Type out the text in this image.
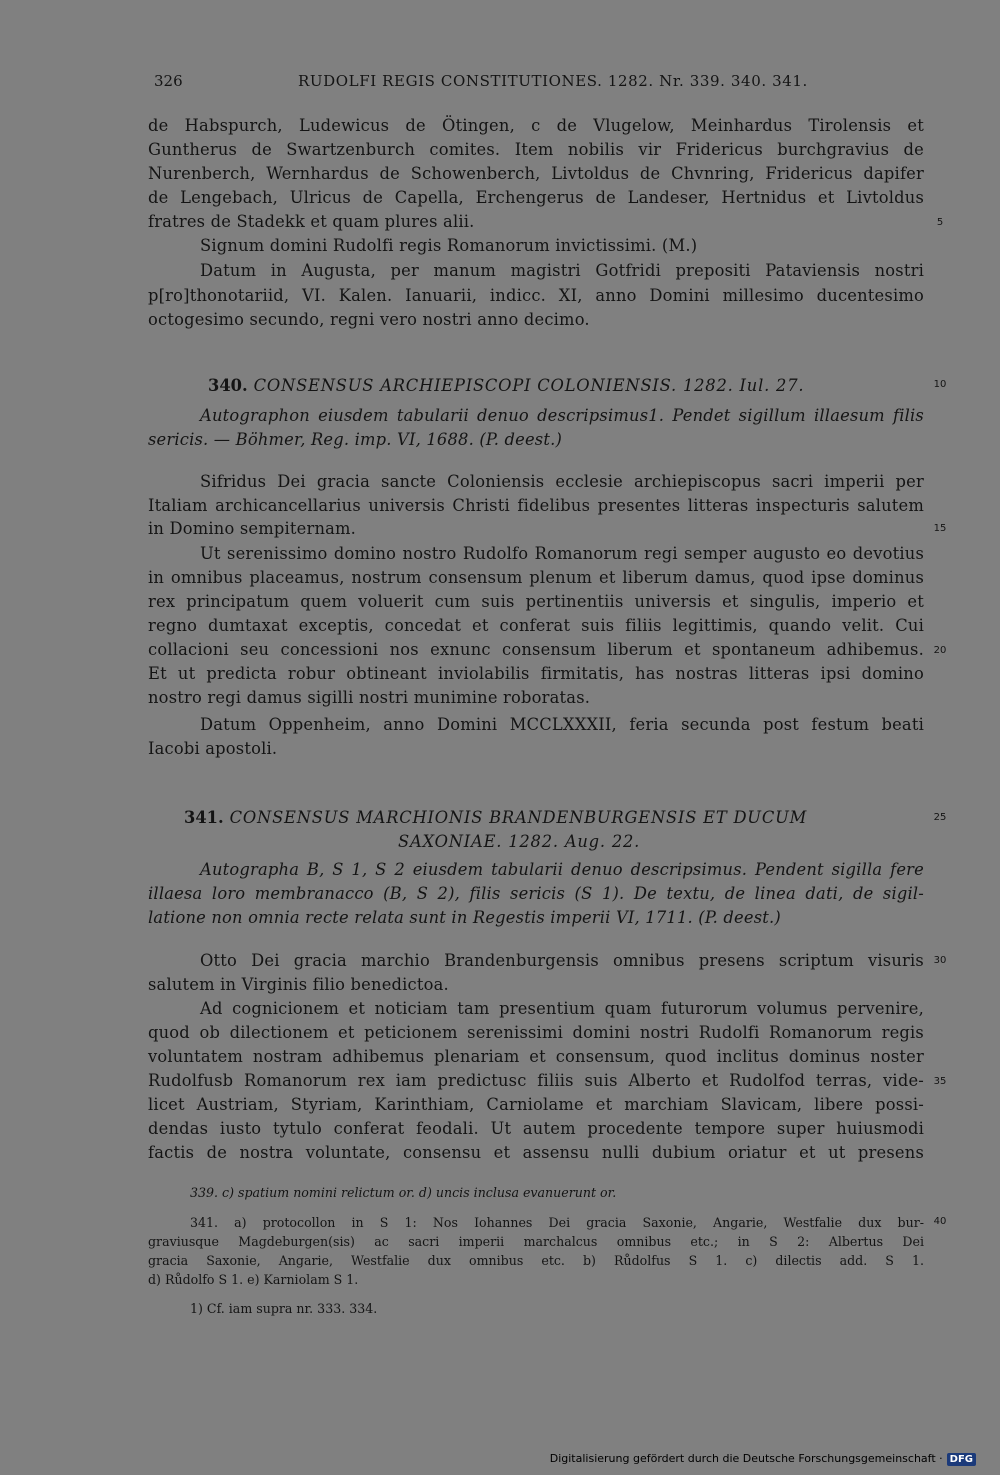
326	RUDOLFI REGIS CONSTITUTIONES. 1282. Nr. 339. 340. 341.
de Habspurch, Ludewicus de Ötingen, c de Vlugelow, Meinhardus Tirolensis et
Guntherus de Swartzenburch comites. Item nobilis vir Fridericus burchgravius de
Nurenberch, Wernhardus de Schowenberch, Livtoldus de Chvnring, Fridericus dapifer
de Lengebach, Ulricus de Capella, Erchengerus de Landeser, Hertnidus et Livtoldus
fratres de Stadekk et quam plures alii.
Signum domini Rudolfi regis Romanorum invictissimi. (M.)
Datum in Augusta, per manum magistri Gotfridi prepositi Pataviensis nostri
p[ro]thonotariid, VI. Kalen. Ianuarii, indicc. XI, anno Domini millesimo ducentesimo
octogesimo secundo, regni vero nostri anno decimo.
340. CONSENSUS ARCHIEPISCOPI COLONIENSIS. 1282. Iul. 27.
Autographon eiusdem tabularii denuo descripsimus1. Pendet sigillum illaesum filis
sericis. — Böhmer, Reg. imp. VI, 1688. (P. deest.)
Sifridus Dei gracia sancte Coloniensis ecclesie archiepiscopus sacri imperii per
Italiam archicancellarius universis Christi fidelibus presentes litteras inspecturis salutem
in Domino sempiternam.
Ut serenissimo domino nostro Rudolfo Romanorum regi semper augusto eo devotius
in omnibus placeamus, nostrum consensum plenum et liberum damus, quod ipse dominus
rex principatum quem voluerit cum suis pertinentiis universis et singulis, imperio et
regno dumtaxat exceptis, concedat et conferat suis filiis legittimis, quando velit. Cui
collacioni seu concessioni nos exnunc consensum liberum et spontaneum adhibemus.
Et ut predicta robur obtineant inviolabilis firmitatis, has nostras litteras ipsi domino
nostro regi damus sigilli nostri munimine roboratas.
Datum Oppenheim, anno Domini MCCLXXXII, feria secunda post festum beati
Iacobi apostoli.
341. CONSENSUS MARCHIONIS BRANDENBURGENSIS ET DUCUM
SAXONIAE. 1282. Aug. 22.
Autographa B, S 1, S 2 eiusdem tabularii denuo descripsimus. Pendent sigilla fere
illaesa loro membranacco (B, S 2), filis sericis (S 1). De textu, de linea dati, de sigil-
latione non omnia recte relata sunt in Regestis imperii VI, 1711. (P. deest.)
Otto Dei gracia marchio Brandenburgensis omnibus presens scriptum visuris
salutem in Virginis filio benedictoa.
Ad cognicionem et noticiam tam presentium quam futurorum volumus pervenire,
quod ob dilectionem et peticionem serenissimi domini nostri Rudolfi Romanorum regis
voluntatem nostram adhibemus plenariam et consensum, quod inclitus dominus noster
Rudolfusb Romanorum rex iam predictusc filiis suis Alberto et Rudolfod terras, vide-
licet Austriam, Styriam, Karinthiam, Carniolame et marchiam Slavicam, libere possi-
dendas iusto tytulo conferat feodali. Ut autem procedente tempore super huiusmodi
factis de nostra voluntate, consensu et assensu nulli dubium oriatur et ut presens
339. c) spatium nomini relictum or. d) uncis inclusa evanuerunt or.
341. a) protocollon in S 1: Nos Iohannes Dei gracia Saxonie, Angarie, Westfalie dux bur-
graviusque Magdeburgen(sis) ac sacri imperii marchalcus omnibus etc.; in S 2: Albertus Dei
gracia Saxonie, Angarie, Westfalie dux omnibus etc. b) Růdolfus S 1. c) dilectis add. S 1.
d) Růdolfo S 1. e) Karniolam S 1.
1) Cf. iam supra nr. 333. 334.
5
10
15
20
25
30
35
40
Digitalisierung gefördert durch die Deutsche Forschungsgemeinschaft · DFG
